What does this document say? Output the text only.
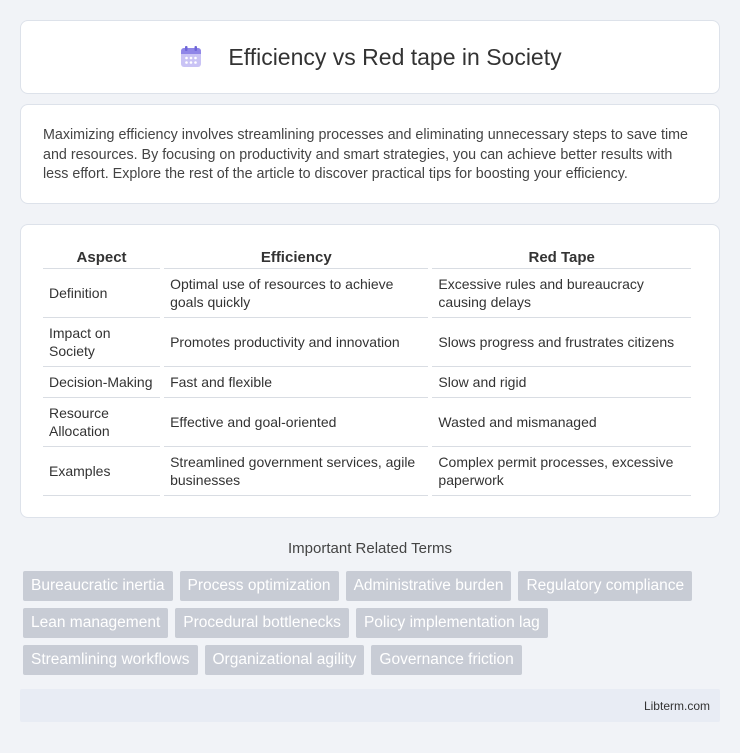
Efficiency vs Red tape in Society

Maximizing efficiency involves streamlining processes and eliminating unnecessary steps to save time and resources. By focusing on productivity and smart strategies, you can achieve better results with less effort. Explore the rest of the article to discover practical tips for boosting your efficiency.

Aspect	Efficiency	Red Tape
Definition	Optimal use of resources to achieve goals quickly	Excessive rules and bureaucracy causing delays
Impact on Society	Promotes productivity and innovation	Slows progress and frustrates citizens
Decision-Making	Fast and flexible	Slow and rigid
Resource Allocation	Effective and goal-oriented	Wasted and mismanaged
Examples	Streamlined government services, agile businesses	Complex permit processes, excessive paperwork
Important Related Terms
Bureaucratic inertia	Process optimization	Administrative burden	Regulatory compliance
Lean management	Procedural bottlenecks	Policy implementation lag
Streamlining workflows	Organizational agility	Governance friction
Libterm.com
